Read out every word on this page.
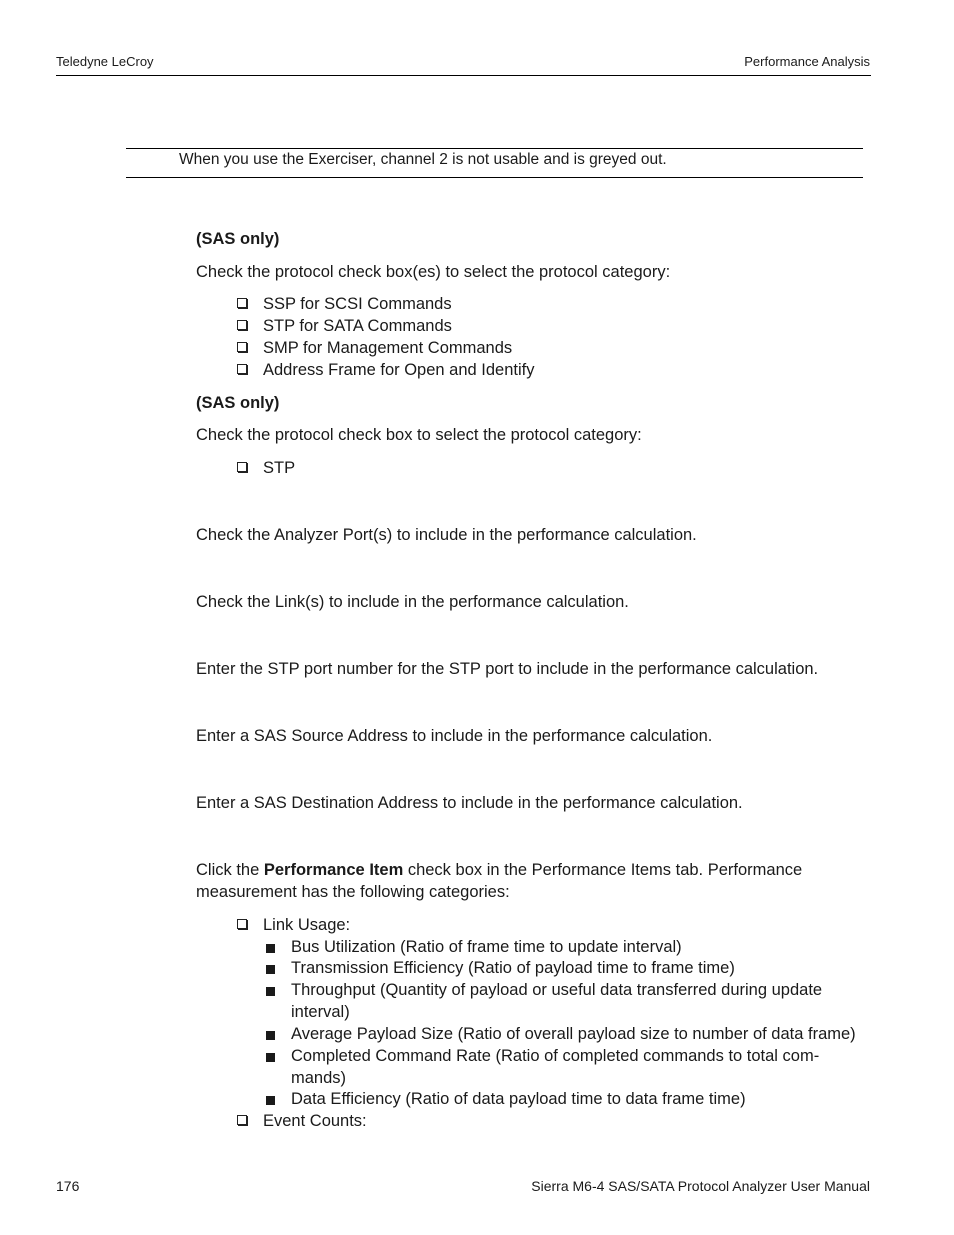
Teledyne LeCroy	Performance Analysis
When you use the Exerciser, channel 2 is not usable and is greyed out.
(SAS only)
Check the protocol check box(es) to select the protocol category:
SSP for SCSI Commands
STP for SATA Commands
SMP for Management Commands
Address Frame for Open and Identify
(SAS only)
Check the protocol check box to select the protocol category:
STP
Check the Analyzer Port(s) to include in the performance calculation.
Check the Link(s) to include in the performance calculation.
Enter the STP port number for the STP port to include in the performance calculation.
Enter a SAS Source Address to include in the performance calculation.
Enter a SAS Destination Address to include in the performance calculation.
Click the Performance Item check box in the Performance Items tab. Performance measurement has the following categories:
Link Usage:
Bus Utilization (Ratio of frame time to update interval)
Transmission Efficiency (Ratio of payload time to frame time)
Throughput (Quantity of payload or useful data transferred during update interval)
Average Payload Size (Ratio of overall payload size to number of data frame)
Completed Command Rate (Ratio of completed commands to total com-mands)
Data Efficiency (Ratio of data payload time to data frame time)
Event Counts:
176	Sierra M6-4 SAS/SATA Protocol Analyzer User Manual
